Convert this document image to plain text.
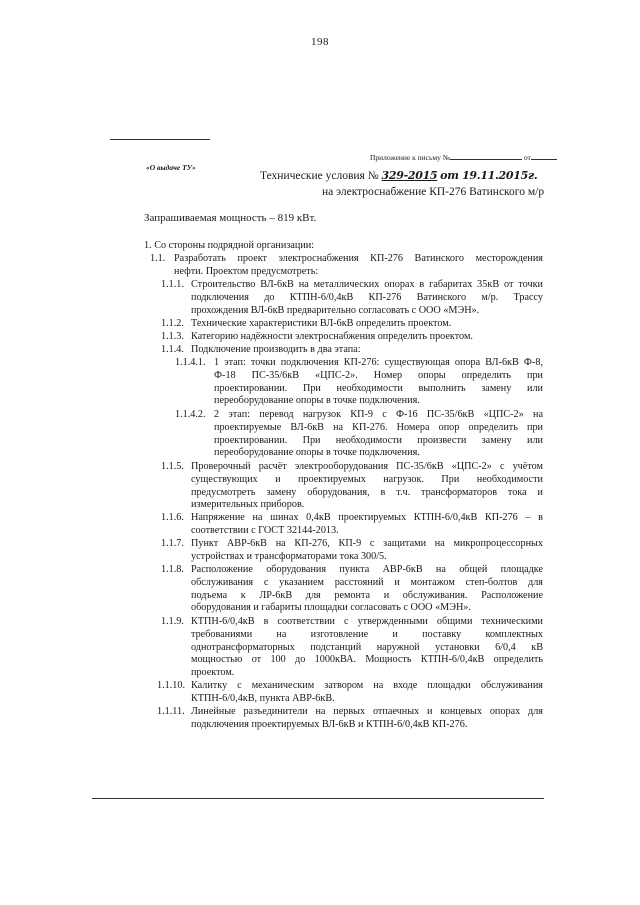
198
Приложение к письму №	от
«О выдаче ТУ»
Технические условия № 329-2015 от 19.11.2015г.
на электроснабжение КП-276 Ватинского м/р
Запрашиваемая мощность – 819 кВт.
1. Со стороны подрядной организации:
1.1. Разработать проект электроснабжения КП-276 Ватинского месторождения
нефти. Проектом предусмотреть:
1.1.1. Строительство ВЛ-6кВ на металлических опорах в габаритах 35кВ от точки
подключения до КТПН-6/0,4кВ КП-276 Ватинского м/р. Трассу
прохождения ВЛ-6кВ предварительно согласовать с ООО «МЭН».
1.1.2. Технические характеристики ВЛ-6кВ определить проектом.
1.1.3. Категорию надёжности электроснабжения определить проектом.
1.1.4. Подключение производить в два этапа:
1.1.4.1. 1 этап: точки подключения КП-276: существующая опора ВЛ-6кВ Ф-8,
Ф-18 ПС-35/6кВ «ЦПС-2». Номер опоры определить при
проектировании. При необходимости выполнить замену или
переоборудование опоры в точке подключения.
1.1.4.2. 2 этап: перевод нагрузок КП-9 с Ф-16 ПС-35/6кВ «ЦПС-2» на
проектируемые ВЛ-6кВ на КП-276. Номера опор определить при
проектировании. При необходимости произвести замену или
переоборудование опоры в точке подключения.
1.1.5. Проверочный расчёт электрооборудования ПС-35/6кВ «ЦПС-2» с учётом
существующих и проектируемых нагрузок. При необходимости
предусмотреть замену оборудования, в т.ч. трансформаторов тока и
измерительных приборов.
1.1.6. Напряжение на шинах 0,4кВ проектируемых КТПН-6/0,4кВ КП-276 – в
соответствии с ГОСТ 32144-2013.
1.1.7. Пункт АВР-6кВ на КП-276, КП-9 с защитами на микропроцессорных
устройствах и трансформаторами тока 300/5.
1.1.8. Расположение оборудования пункта АВР-6кВ на общей площадке
обслуживания с указанием расстояний и монтажом степ-болтов для
подъема к ЛР-6кВ для ремонта и обслуживания. Расположение
оборудования и габариты площадки согласовать с ООО «МЭН».
1.1.9. КТПН-6/0,4кВ в соответствии с утвержденными общими техническими
требованиями на изготовление и поставку комплектных
однотрансформаторных подстанций наружной установки 6/0,4 кВ
мощностью от 100 до 1000кВА. Мощность КТПН-6/0,4кВ определить
проектом.
1.1.10. Калитку с механическим затвором на входе площадки обслуживания
КТПН-6/0,4кВ, пункта АВР-6кВ.
1.1.11. Линейные разъединители на первых отпаечных и концевых опорах для
подключения проектируемых ВЛ-6кВ и КТПН-6/0,4кВ КП-276.
